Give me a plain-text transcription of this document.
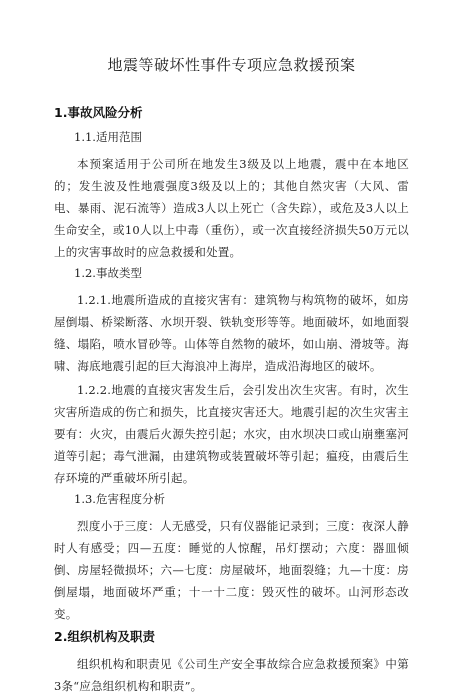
地震等破坏性事件专项应急救援预案
1.事故风险分析
1.1.适用范围
本预案适用于公司所在地发生3级及以上地震，震中在本地区的；发生波及性地震强度3级及以上的；其他自然灾害（大风、雷电、暴雨、泥石流等）造成3人以上死亡（含失踪），或危及3人以上生命安全，或10人以上中毒（重伤），或一次直接经济损失50万元以上的灾害事故时的应急救援和处置。
1.2.事故类型
1.2.1.地震所造成的直接灾害有：建筑物与构筑物的破坏，如房屋倒塌、桥梁断落、水坝开裂、铁轨变形等等。地面破坏，如地面裂缝、塌陷，喷水冒砂等。山体等自然物的破坏，如山崩、滑坡等。海啸、海底地震引起的巨大海浪冲上海岸，造成沿海地区的破坏。
1.2.2.地震的直接灾害发生后，会引发出次生灾害。有时，次生灾害所造成的伤亡和损失，比直接灾害还大。地震引起的次生灾害主要有：火灾，由震后火源失控引起；水灾，由水坝决口或山崩壅塞河道等引起；毒气泄漏，由建筑物或装置破坏等引起；瘟疫，由震后生存环境的严重破坏所引起。
1.3.危害程度分析
烈度小于三度：人无感受，只有仪器能记录到；三度：夜深人静时人有感受；四—五度：睡觉的人惊醒，吊灯摆动；六度：器皿倾倒、房屋轻微损坏；六—七度：房屋破坏，地面裂缝；九—十度：房倒屋塌，地面破坏严重；十一十二度：毁灭性的破坏。山河形态改变。
2.组织机构及职责
组织机构和职责见《公司生产安全事故综合应急救援预案》中第3条“应急组织机构和职责”。
